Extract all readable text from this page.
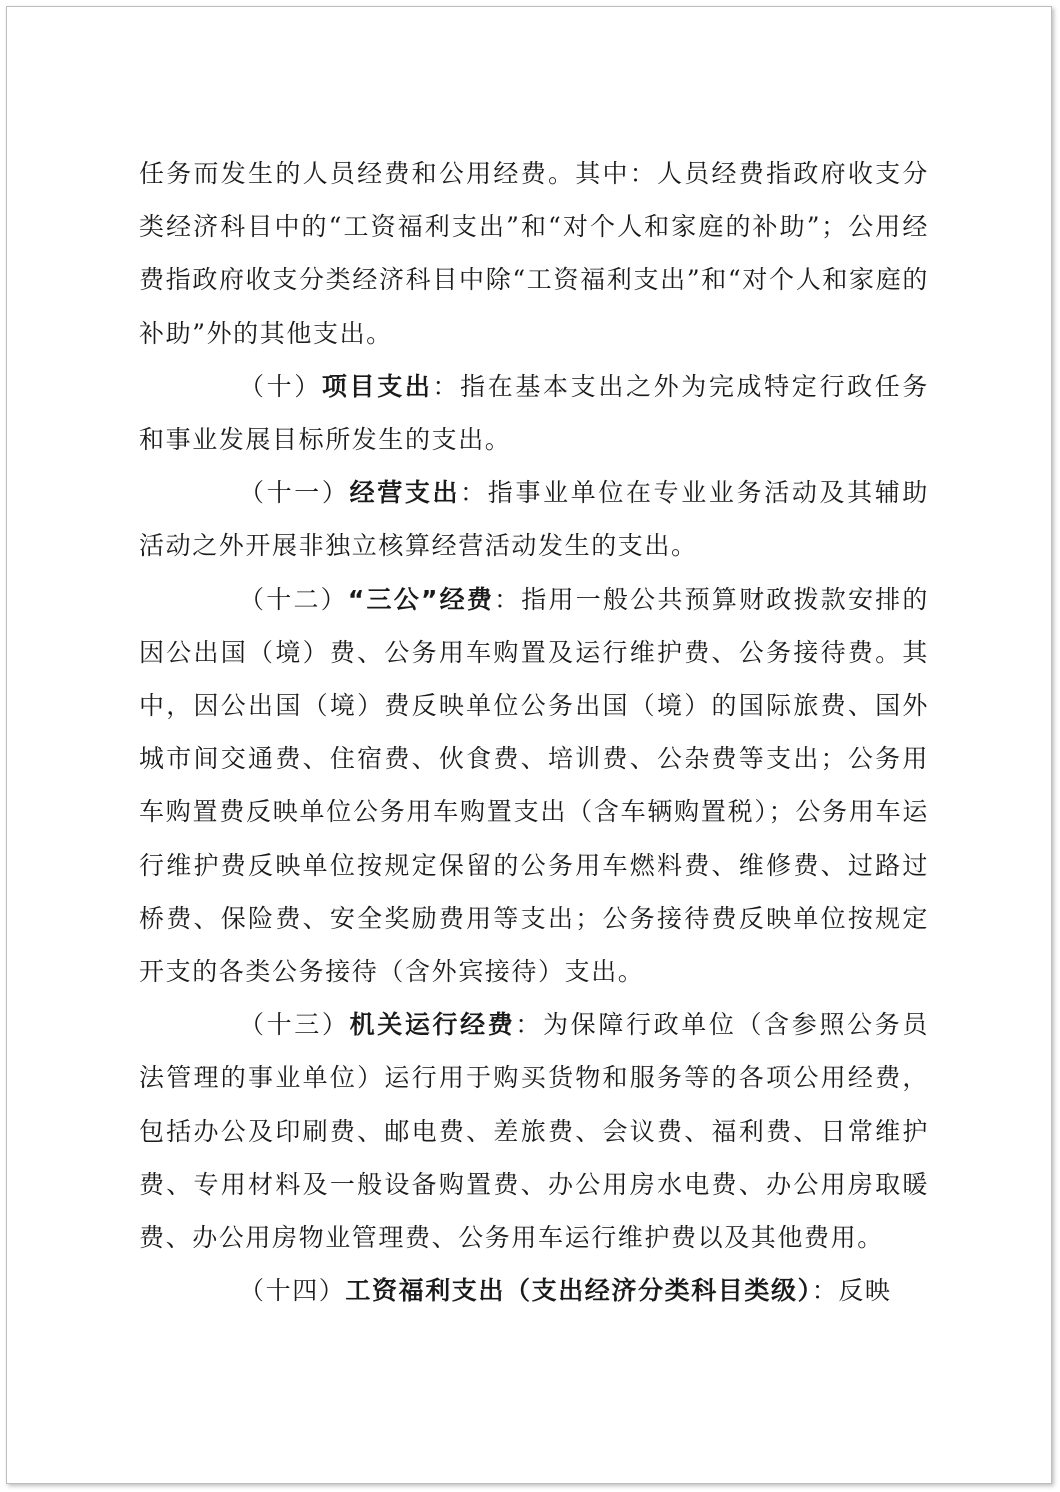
任务而发生的人员经费和公用经费。其中：人员经费指政府收支分类经济科目中的“工资福利支出”和“对个人和家庭的补助”；公用经费指政府收支分类经济科目中除“工资福利支出”和“对个人和家庭的补助”外的其他支出。

（十）项目支出：指在基本支出之外为完成特定行政任务和事业发展目标所发生的支出。

（十一）经营支出：指事业单位在专业业务活动及其辅助活动之外开展非独立核算经营活动发生的支出。

（十二）“三公”经费：指用一般公共预算财政拨款安排的因公出国（境）费、公务用车购置及运行维护费、公务接待费。其中，因公出国（境）费反映单位公务出国（境）的国际旅费、国外城市间交通费、住宿费、伙食费、培训费、公杂费等支出；公务用车购置费反映单位公务用车购置支出（含车辆购置税）；公务用车运行维护费反映单位按规定保留的公务用车燃料费、维修费、过路过桥费、保险费、安全奖励费用等支出；公务接待费反映单位按规定开支的各类公务接待（含外宾接待）支出。

（十三）机关运行经费：为保障行政单位（含参照公务员法管理的事业单位）运行用于购买货物和服务等的各项公用经费，包括办公及印刷费、邮电费、差旅费、会议费、福利费、日常维护费、专用材料及一般设备购置费、办公用房水电费、办公用房取暖费、办公用房物业管理费、公务用车运行维护费以及其他费用。

（十四）工资福利支出（支出经济分类科目类级）：反映
